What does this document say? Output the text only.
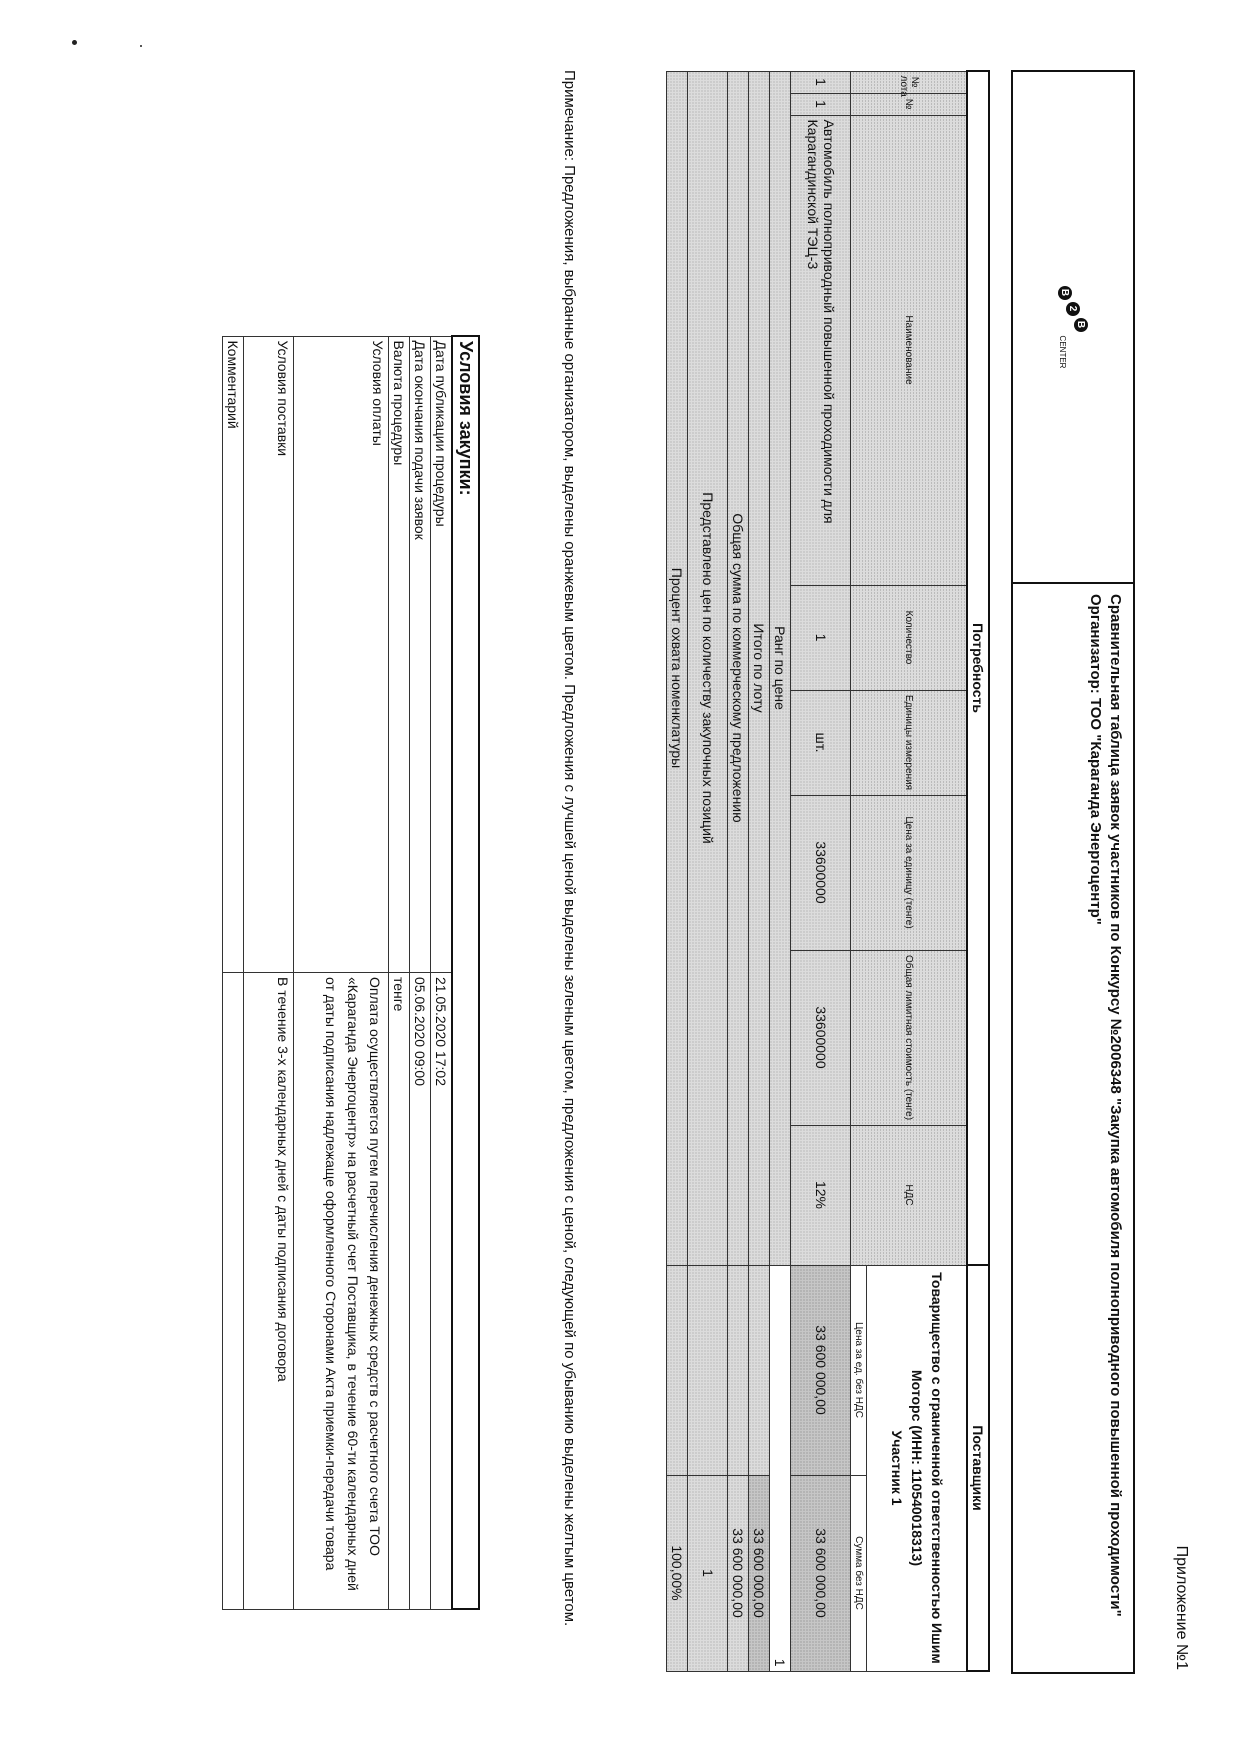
Приложение №1
B
2
B
CENTER
Сравнительная таблица заявок участников по Конкурсу №2006348 "Закупка автомобиля полноприводного повышенной проходимости"
Организатор: ТОО "Караганда Энергоцентр"
Потребность								Поставщики	
№ лота	№	Наименование	Количество	Единицы измерения	Цена за единицу (тенге)	Общая лимитная стоимость (тенге)	НДС	Товарищество с ограниченной ответственностью Ишим Моторс (ИНН: 110540018313)
Участник 1	

								Цена за ед. без НДС	Сумма без НДС
1	1	Автомобиль полноприводный повышенной проходимости для Карагандинской ТЭЦ-3	1	шт.	33600000	33600000	12%	33 600 000,00	33 600 000,00
Ранг по цене								1	
Итого по лоту									33 600 000,00
Общая сумма по коммерческому предложению									33 600 000,00
Представлено цен по количеству закупочных позиций									1
Процент охвата номенклатуры									100,00%
Примечание: Предложения, выбранные организатором, выделены оранжевым цветом. Предложения с лучшей ценой выделены зеленым цветом, предложения с ценой, следующей по убыванию выделены желтым цветом.
Условия закупки:	
Дата публикации процедуры	21.05.2020 17:02
Дата окончания подачи заявок	05.06.2020 09:00
Валюта процедуры	тенге
Условия оплаты	Оплата осуществляется путем перечисления денежных средств с расчетного счета ТОО «Караганда Энергоцентр» на расчетный счет Поставщика, в течение 60-ти календарных дней от даты подписания надлежаще оформленного Сторонами Акта приемки-передачи товара
Условия поставки	В течение 3-х календарных дней с даты подписания договора
Комментарий	
